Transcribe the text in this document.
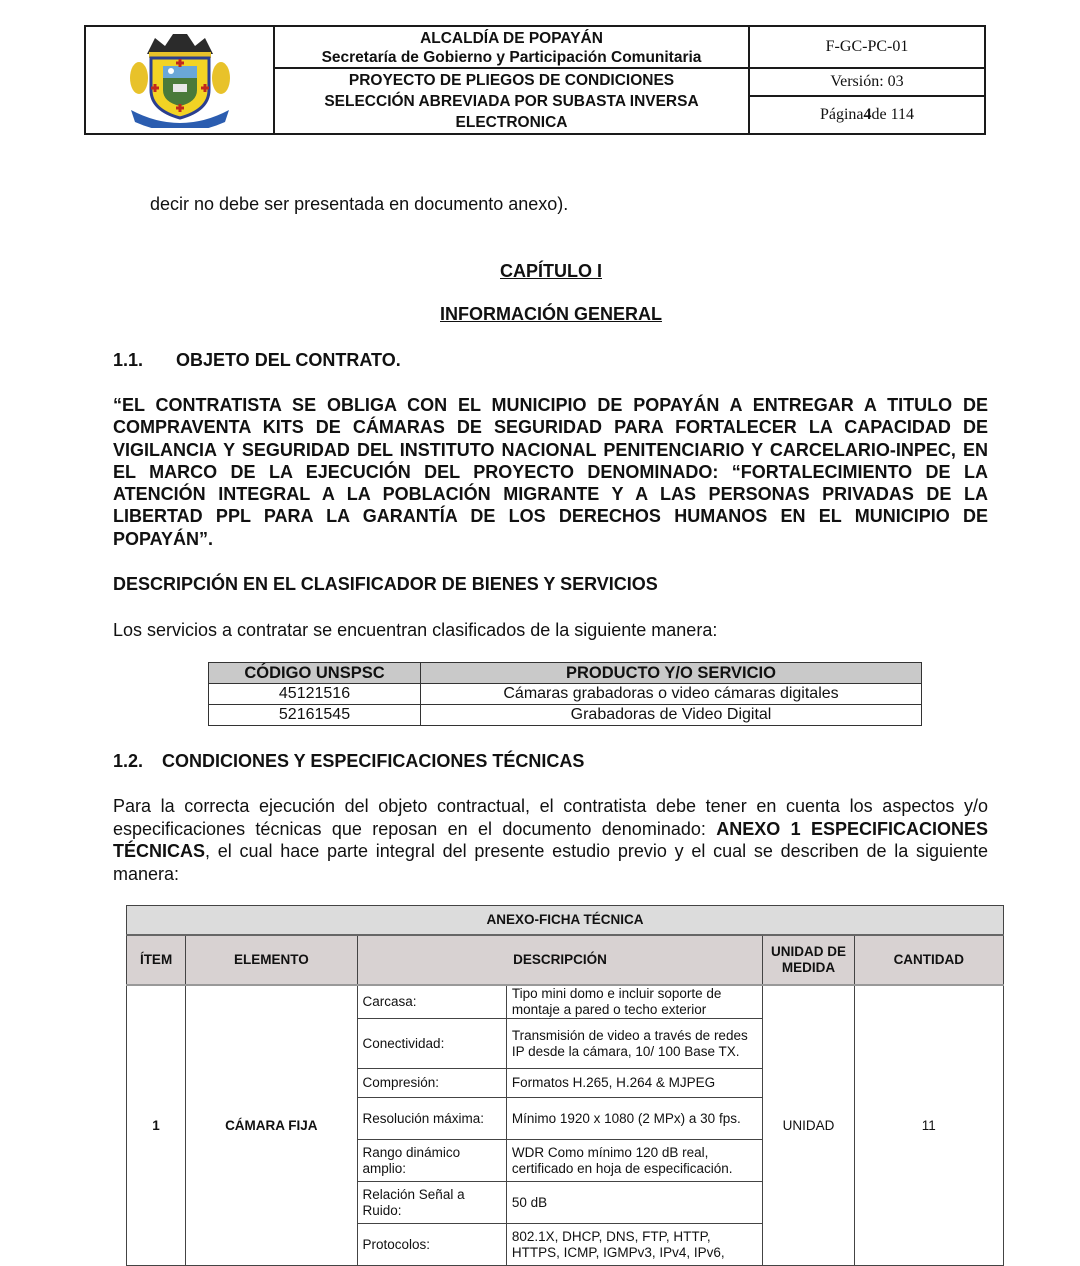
ALCALDÍA DE POPAYÁN
Secretaría de Gobierno y Participación Comunitaria
PROYECTO DE PLIEGOS DE CONDICIONES
SELECCIÓN ABREVIADA POR SUBASTA INVERSA
ELECTRONICA
F-GC-PC-01
Versión: 03
Página 4 de 114
decir no debe ser presentada en documento anexo).
CAPÍTULO I
INFORMACIÓN GENERAL
1.1. OBJETO DEL CONTRATO.
“EL CONTRATISTA SE OBLIGA CON EL MUNICIPIO DE POPAYÁN A ENTREGAR A TITULO DE COMPRAVENTA KITS DE CÁMARAS DE SEGURIDAD PARA FORTALECER LA CAPACIDAD DE VIGILANCIA Y SEGURIDAD DEL INSTITUTO NACIONAL PENITENCIARIO Y CARCELARIO-INPEC, EN EL MARCO DE LA EJECUCIÓN DEL PROYECTO DENOMINADO: “FORTALECIMIENTO DE LA ATENCIÓN INTEGRAL A LA POBLACIÓN MIGRANTE Y A LAS PERSONAS PRIVADAS DE LA LIBERTAD PPL PARA LA GARANTÍA DE LOS DERECHOS HUMANOS EN EL MUNICIPIO DE POPAYÁN”.
DESCRIPCIÓN EN EL CLASIFICADOR DE BIENES Y SERVICIOS
Los servicios a contratar se encuentran clasificados de la siguiente manera:
CÓDIGO UNSPSC	PRODUCTO Y/O SERVICIO
45121516	Cámaras grabadoras o video cámaras digitales
52161545	Grabadoras de Video Digital
1.2. CONDICIONES Y ESPECIFICACIONES TÉCNICAS
Para la correcta ejecución del objeto contractual, el contratista debe tener en cuenta los aspectos y/o especificaciones técnicas que reposan en el documento denominado: ANEXO 1 ESPECIFICACIONES TÉCNICAS, el cual hace parte integral del presente estudio previo y el cual se describen de la siguiente manera:
ANEXO-FICHA TÉCNICA					
ÍTEM	ELEMENTO	DESCRIPCIÓN		UNIDAD DE MEDIDA	CANTIDAD
1	CÁMARA FIJA	Carcasa:	Tipo mini domo e incluir soporte de montaje a pared o techo exterior	UNIDAD	11
		Conectividad:	Transmisión de video a través de redes IP desde la cámara, 10/ 100 Base TX.		
		Compresión:	Formatos H.265, H.264 & MJPEG		
		Resolución máxima:	Mínimo 1920 x 1080 (2 MPx) a 30 fps.		
		Rango dinámico amplio:	WDR Como mínimo 120 dB real, certificado en hoja de especificación.		
		Relación Señal a Ruido:	50 dB		
		Protocolos:	802.1X, DHCP, DNS, FTP, HTTP, HTTPS, ICMP, IGMPv3, IPv4, IPv6,		
